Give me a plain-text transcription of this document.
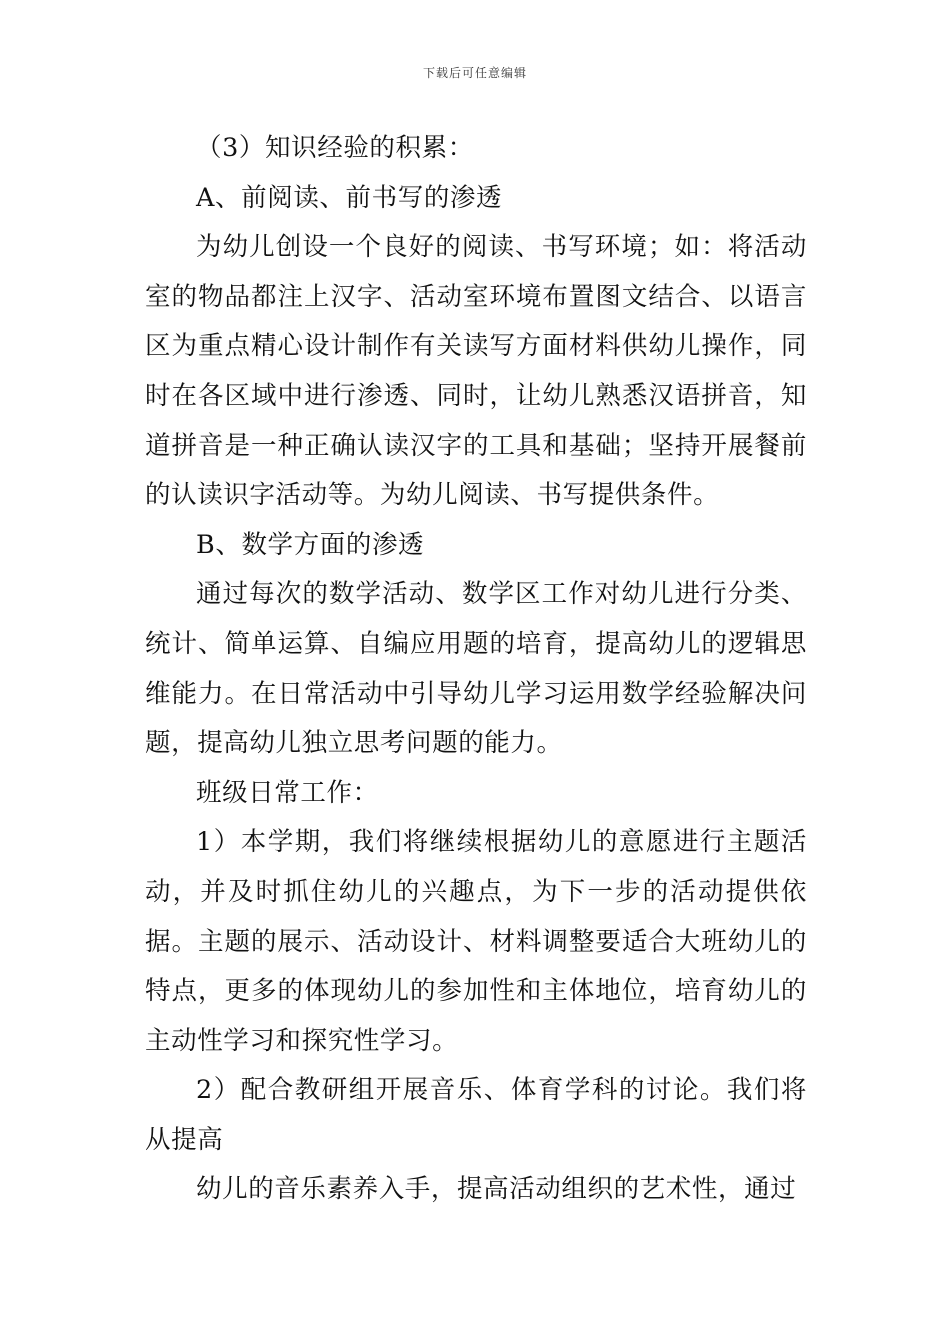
下载后可任意编辑

（3）知识经验的积累：

A、前阅读、前书写的渗透

为幼儿创设一个良好的阅读、书写环境；如：将活动室的物品都注上汉字、活动室环境布置图文结合、以语言区为重点精心设计制作有关读写方面材料供幼儿操作，同时在各区域中进行渗透、同时，让幼儿熟悉汉语拼音，知道拼音是一种正确认读汉字的工具和基础；坚持开展餐前的认读识字活动等。为幼儿阅读、书写提供条件。

B、数学方面的渗透

通过每次的数学活动、数学区工作对幼儿进行分类、统计、简单运算、自编应用题的培育，提高幼儿的逻辑思维能力。在日常活动中引导幼儿学习运用数学经验解决问题，提高幼儿独立思考问题的能力。

班级日常工作：

1）本学期，我们将继续根据幼儿的意愿进行主题活动，并及时抓住幼儿的兴趣点，为下一步的活动提供依据。主题的展示、活动设计、材料调整要适合大班幼儿的特点，更多的体现幼儿的参加性和主体地位，培育幼儿的主动性学习和探究性学习。

2）配合教研组开展音乐、体育学科的讨论。我们将从提高

幼儿的音乐素养入手，提高活动组织的艺术性，通过
